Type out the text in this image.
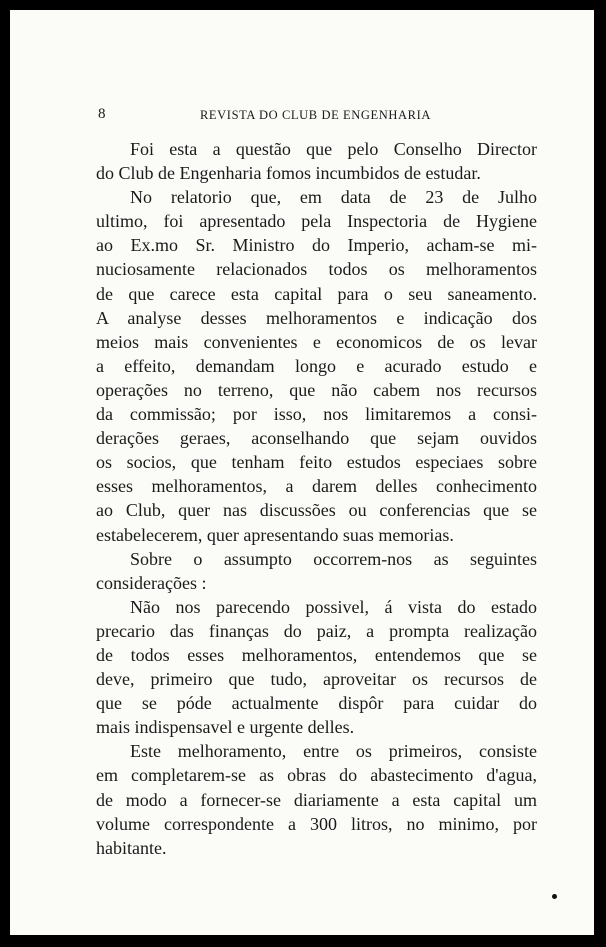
8	REVISTA DO CLUB DE ENGENHARIA
Foi esta a questão que pelo Conselho Director
do Club de Engenharia fomos incumbidos de estudar.
No relatorio que, em data de 23 de Julho
ultimo, foi apresentado pela Inspectoria de Hygiene
ao Ex.mo Sr. Ministro do Imperio, acham-se mi-
nuciosamente relacionados todos os melhoramentos
de que carece esta capital para o seu saneamento.
A analyse desses melhoramentos e indicação dos
meios mais convenientes e economicos de os levar
a effeito, demandam longo e acurado estudo e
operações no terreno, que não cabem nos recursos
da commissão; por isso, nos limitaremos a consi-
derações geraes, aconselhando que sejam ouvidos
os socios, que tenham feito estudos especiaes sobre
esses melhoramentos, a darem delles conhecimento
ao Club, quer nas discussões ou conferencias que se
estabelecerem, quer apresentando suas memorias.
Sobre o assumpto occorrem-nos as seguintes
considerações :
Não nos parecendo possivel, á vista do estado
precario das finanças do paiz, a prompta realização
de todos esses melhoramentos, entendemos que se
deve, primeiro que tudo, aproveitar os recursos de
que se póde actualmente dispôr para cuidar do
mais indispensavel e urgente delles.
Este melhoramento, entre os primeiros, consiste
em completarem-se as obras do abastecimento d'agua,
de modo a fornecer-se diariamente a esta capital um
volume correspondente a 300 litros, no minimo, por
habitante.
